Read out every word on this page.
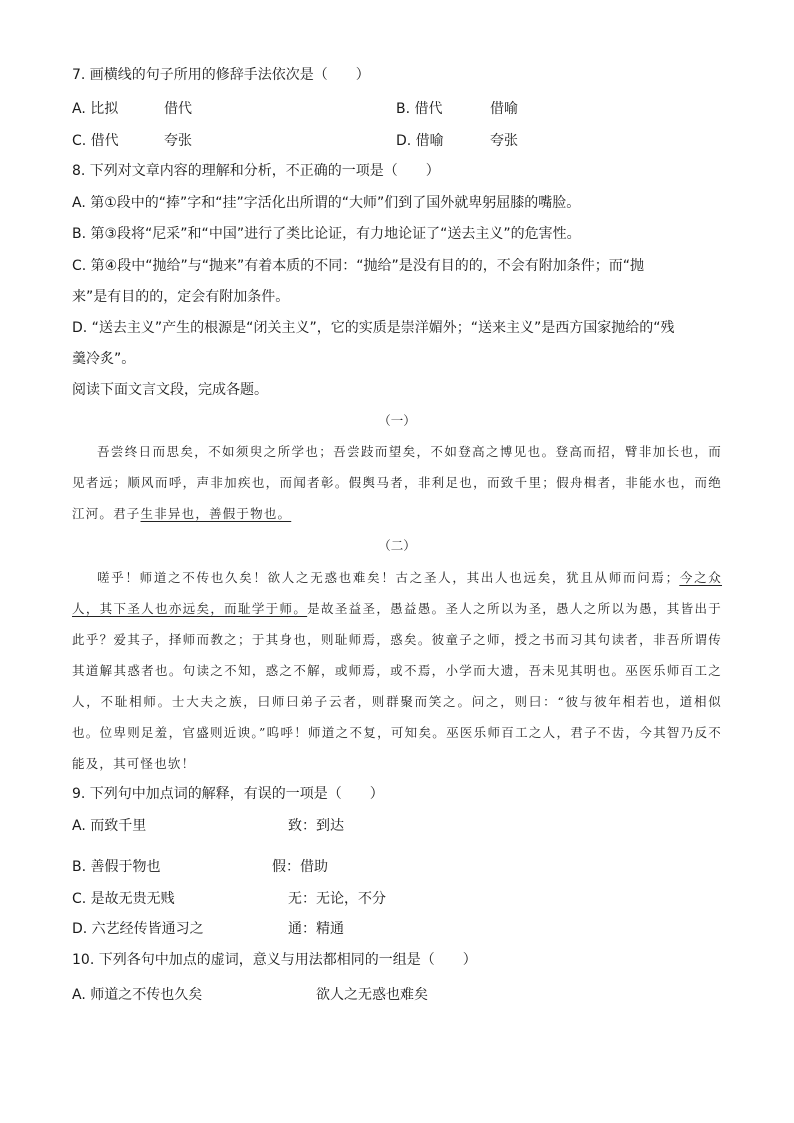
7. 画横线的句子所用的修辞手法依次是（　　）
A. 比拟	借代	B. 借代	借喻
C. 借代	夸张	D. 借喻	夸张
8. 下列对文章内容的理解和分析，不正确的一项是（　　）
A. 第①段中的“捧”字和“挂”字活化出所谓的“大师”们到了国外就卑躬屈膝的嘴脸。
B. 第③段将“尼采”和“中国”进行了类比论证，有力地论证了“送去主义”的危害性。
C. 第④段中“抛给”与“抛来”有着本质的不同：“抛给”是没有目的的，不会有附加条件；而“抛
来”是有目的的，定会有附加条件。
D. “送去主义”产生的根源是“闭关主义”，它的实质是崇洋媚外；“送来主义”是西方国家抛给的“残
羹冷炙”。
阅读下面文言文段，完成各题。
（一）

吾尝终日而思矣，不如须臾之所学也；吾尝跂而望矣，不如登高之博见也。登高而招，臂非加长也，而见者远；顺风而呼，声非加疾也，而闻者彰。假舆马者，非利足也，而致千里；假舟楫者，非能水也，而绝江河。君子生非异也，善假于物也。

（二）

嗟乎！师道之不传也久矣！欲人之无惑也难矣！古之圣人，其出人也远矣，犹且从师而问焉；今之众人，其下圣人也亦远矣，而耻学于师。是故圣益圣，愚益愚。圣人之所以为圣，愚人之所以为愚，其皆出于此乎？爱其子，择师而教之；于其身也，则耻师焉，惑矣。彼童子之师，授之书而习其句读者，非吾所谓传其道解其惑者也。句读之不知，惑之不解，或师焉，或不焉，小学而大遗，吾未见其明也。巫医乐师百工之人，不耻相师。士大夫之族，曰师曰弟子云者，则群聚而笑之。问之，则曰：“彼与彼年相若也，道相似也。位卑则足羞，官盛则近谀。”呜呼！师道之不复，可知矣。巫医乐师百工之人，君子不齿，今其智乃反不能及，其可怪也欤！

9. 下列句中加点词的解释，有误的一项是（　　）
A. 而致千里	致：到达
B. 善假于物也	假：借助
C. 是故无贵无贱	无：无论，不分
D. 六艺经传皆通习之	通：精通
10. 下列各句中加点的虚词，意义与用法都相同的一组是（　　）
A. 师道之不传也久矣	欲人之无惑也难矣
